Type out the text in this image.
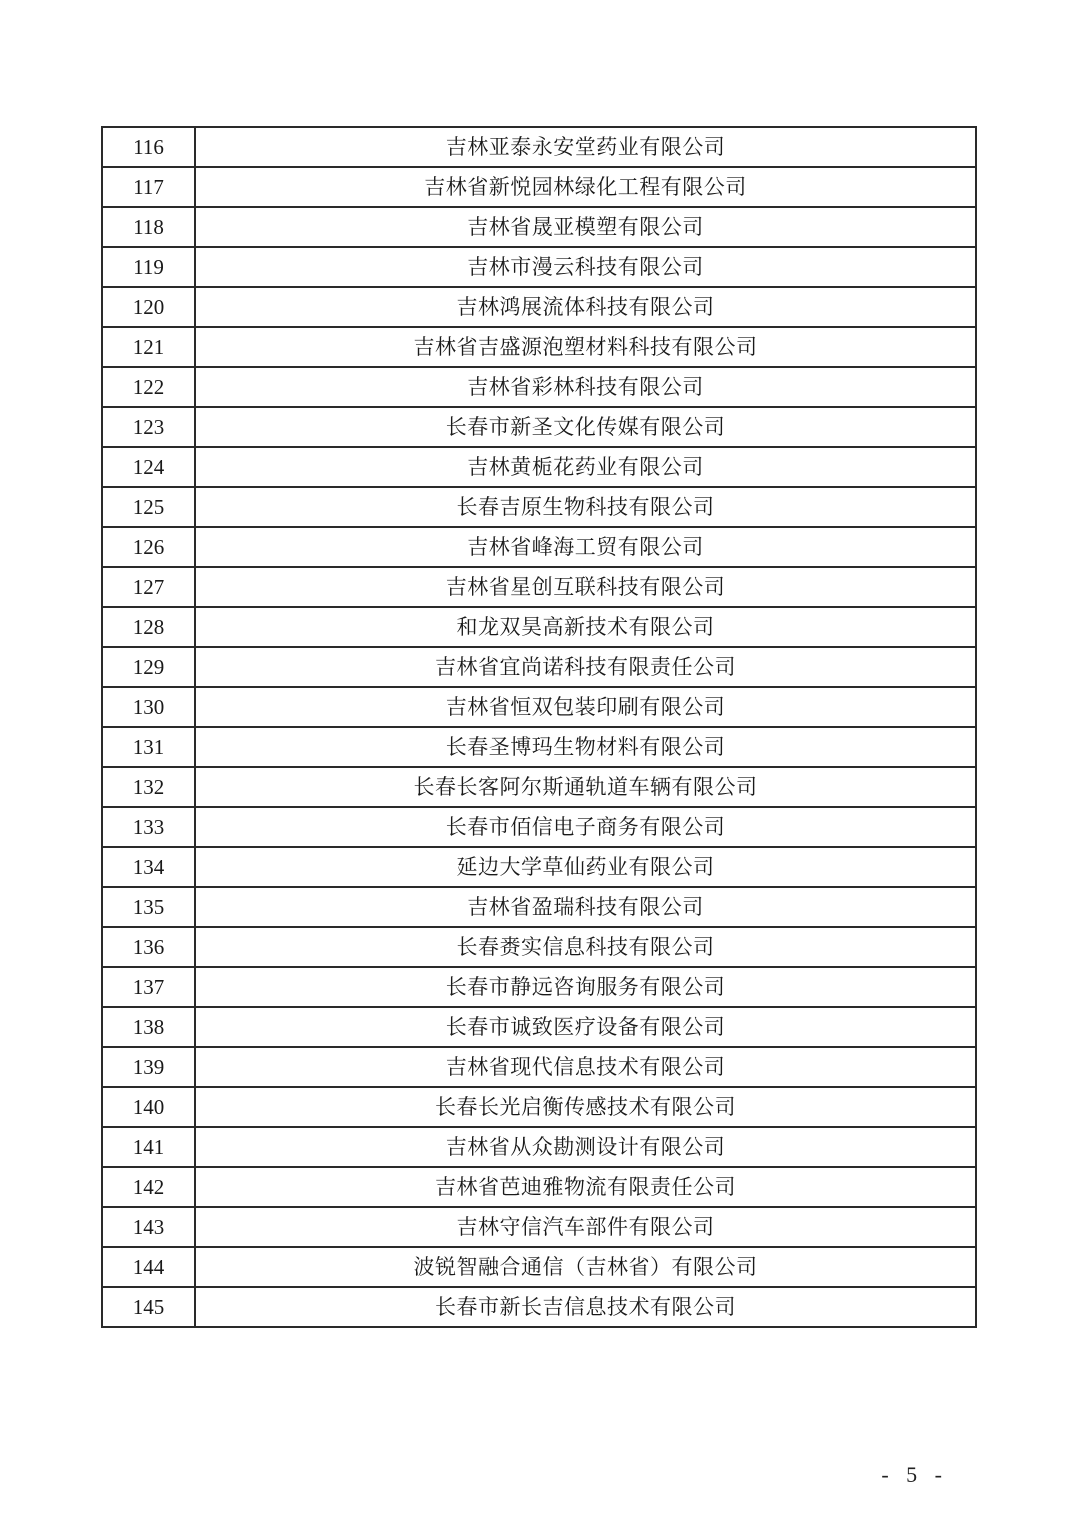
116	吉林亚泰永安堂药业有限公司
117	吉林省新悦园林绿化工程有限公司
118	吉林省晟亚模塑有限公司
119	吉林市漫云科技有限公司
120	吉林鸿展流体科技有限公司
121	吉林省吉盛源泡塑材料科技有限公司
122	吉林省彩林科技有限公司
123	长春市新圣文化传媒有限公司
124	吉林黄栀花药业有限公司
125	长春吉原生物科技有限公司
126	吉林省峰海工贸有限公司
127	吉林省星创互联科技有限公司
128	和龙双昊高新技术有限公司
129	吉林省宜尚诺科技有限责任公司
130	吉林省恒双包装印刷有限公司
131	长春圣博玛生物材料有限公司
132	长春长客阿尔斯通轨道车辆有限公司
133	长春市佰信电子商务有限公司
134	延边大学草仙药业有限公司
135	吉林省盈瑞科技有限公司
136	长春赉实信息科技有限公司
137	长春市静远咨询服务有限公司
138	长春市诚致医疗设备有限公司
139	吉林省现代信息技术有限公司
140	长春长光启衡传感技术有限公司
141	吉林省从众勘测设计有限公司
142	吉林省芭迪雅物流有限责任公司
143	吉林守信汽车部件有限公司
144	波锐智融合通信（吉林省）有限公司
145	长春市新长吉信息技术有限公司
- 5 -
